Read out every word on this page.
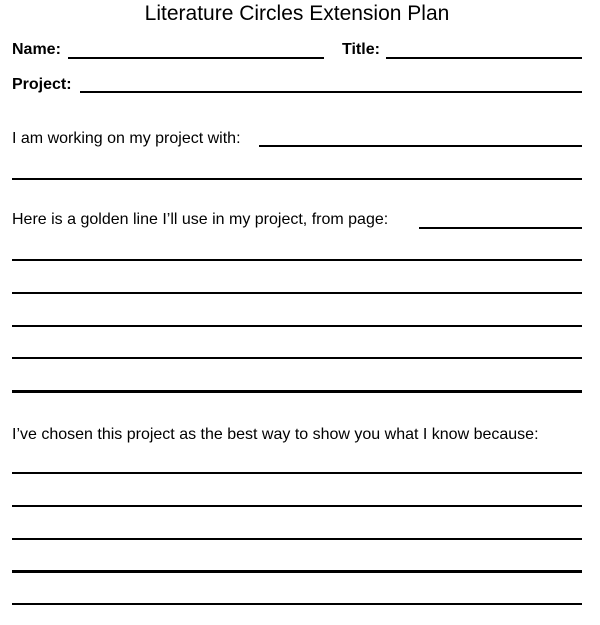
Literature Circles Extension Plan
Name:	Title:
Project:
I am working on my project with:
Here is a golden line I’ll use in my project, from page:
I’ve chosen this project as the best way to show you what I know because:
